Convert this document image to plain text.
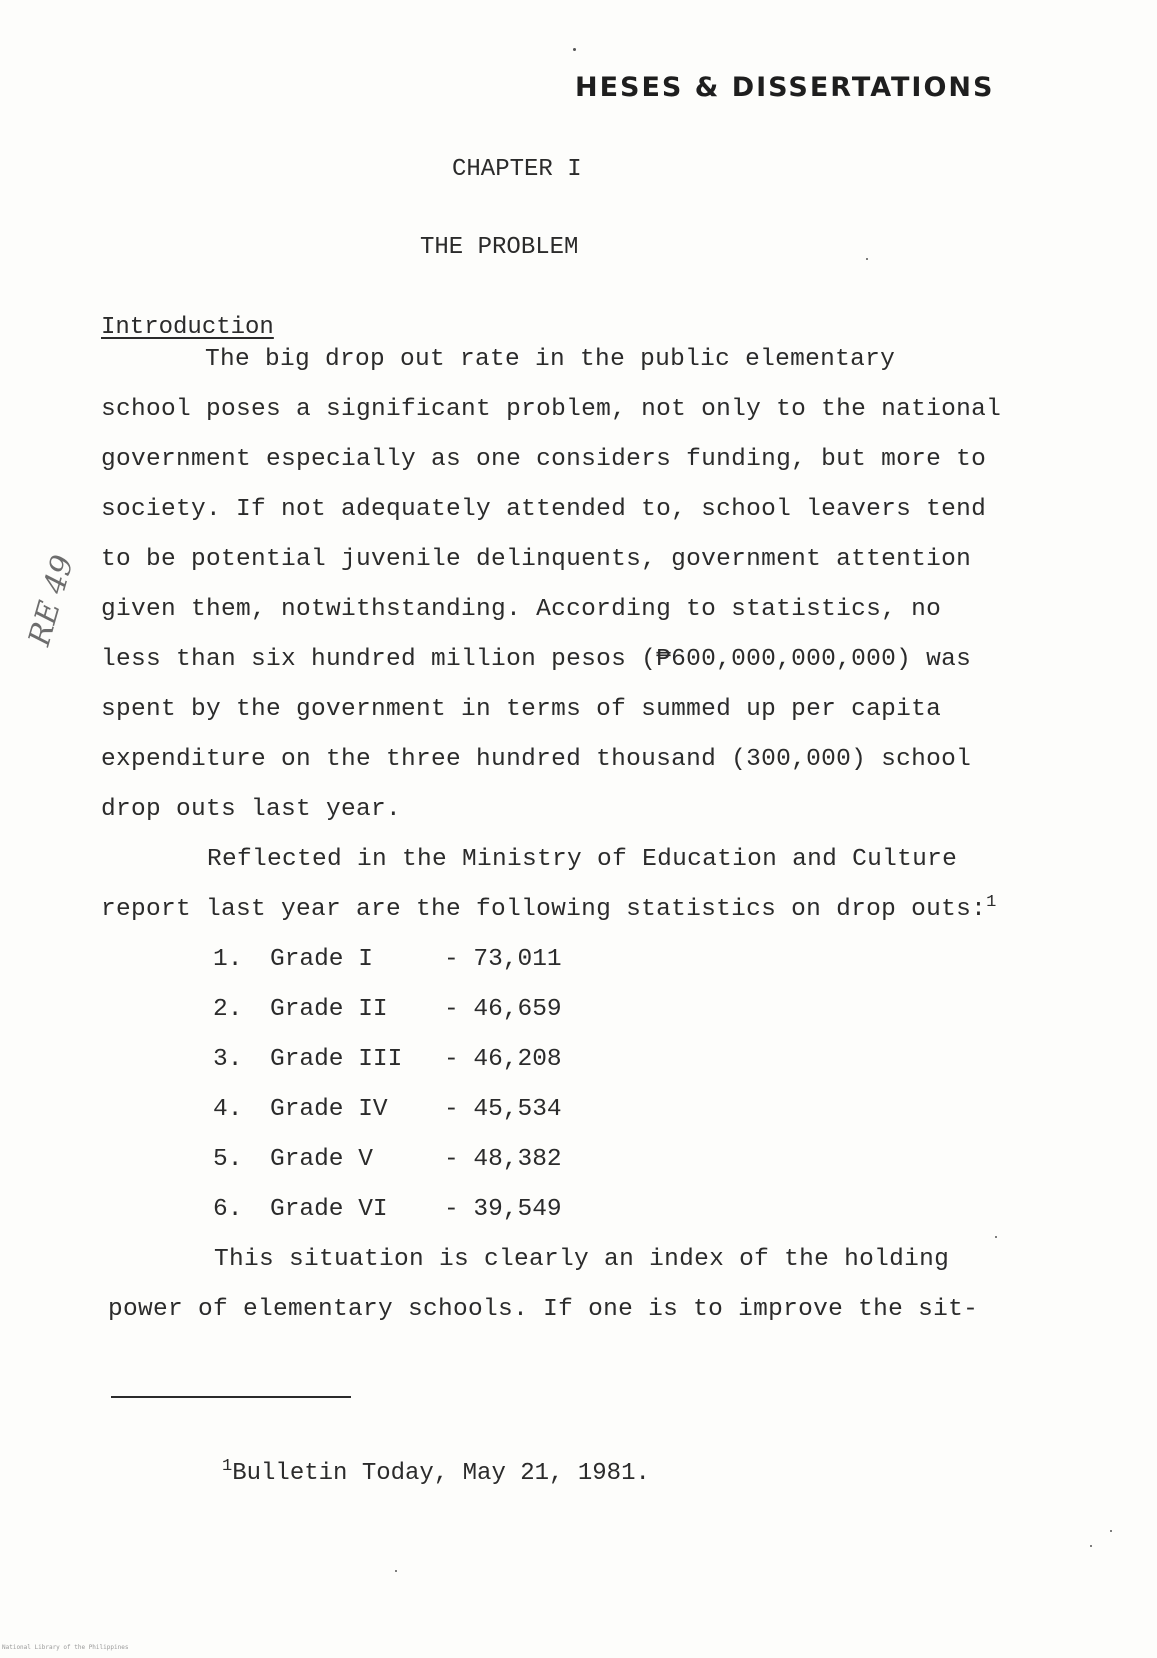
HESES & DISSERTATIONS
CHAPTER I
THE PROBLEM
Introduction
The big drop out rate in the public elementary
school poses a significant problem, not only to the national
government especially as one considers funding, but more to
society. If not adequately attended to, school leavers tend
to be potential juvenile delinquents, government attention
given them, notwithstanding. According to statistics, no
less than six hundred million pesos (₱600,000,000,000) was
spent by the government in terms of summed up per capita
expenditure on the three hundred thousand (300,000) school
drop outs last year.
Reflected in the Ministry of Education and Culture
report last year are the following statistics on drop outs:$^1$
1. Grade I	- 73,011
2. Grade II - 46,659
3. Grade III - 46,208
4. Grade IV - 45,534
5. Grade V	- 48,382
6. Grade VI - 39,549
This situation is clearly an index of the holding
power of elementary schools. If one is to improve the sit-
$^1$Bulletin Today, May 21, 1981.
RE 49
National Library of the Philippines
